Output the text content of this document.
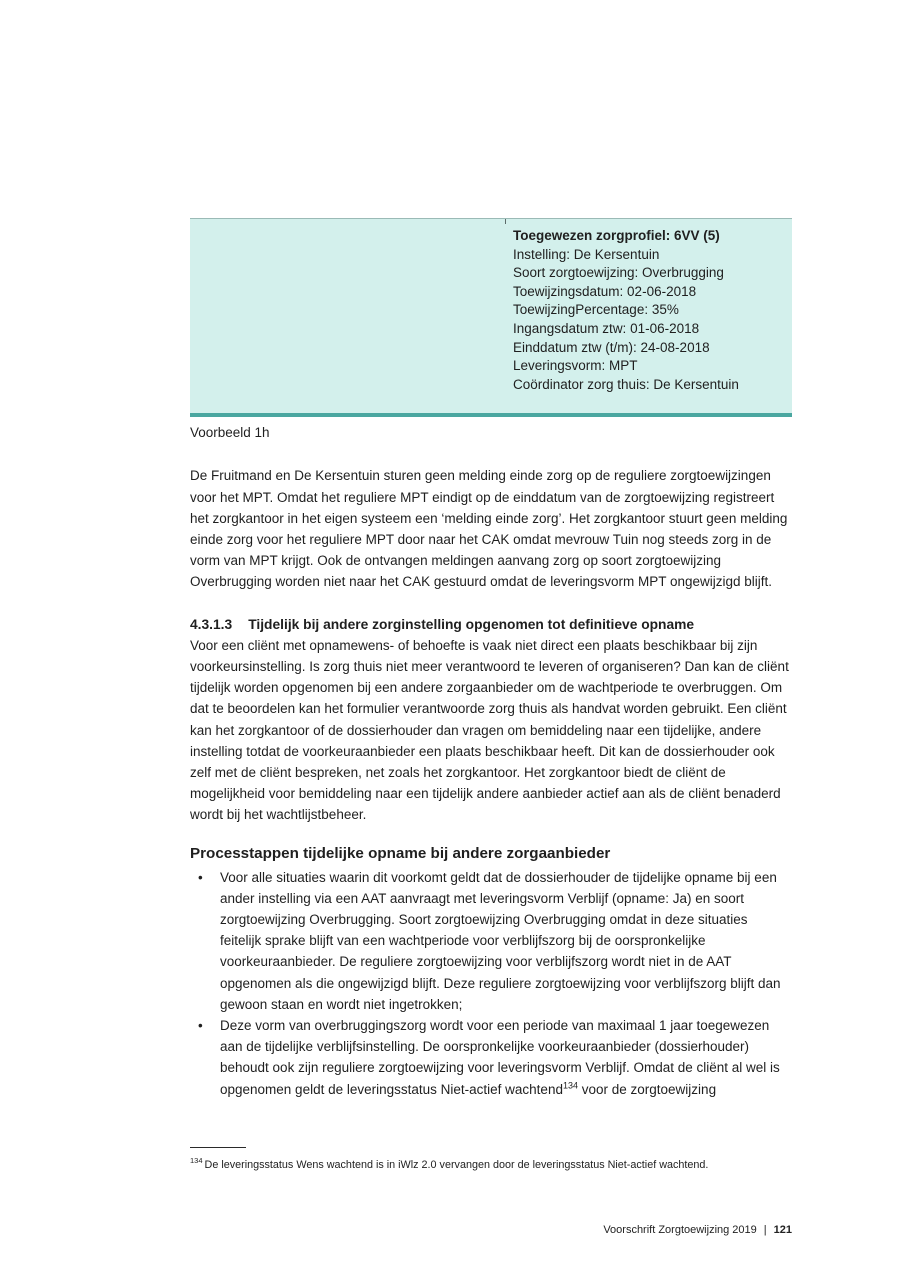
Toegewezen zorgprofiel: 6VV (5)
Instelling: De Kersentuin
Soort zorgtoewijzing: Overbrugging
Toewijzingsdatum: 02-06-2018
ToewijzingPercentage: 35%
Ingangsdatum ztw: 01-06-2018
Einddatum ztw (t/m): 24-08-2018
Leveringsvorm: MPT
Coördinator zorg thuis: De Kersentuin
Voorbeeld 1h

De Fruitmand en De Kersentuin sturen geen melding einde zorg op de reguliere zorgtoewijzingen voor het MPT. Omdat het reguliere MPT eindigt op de einddatum van de zorgtoewijzing registreert het zorgkantoor in het eigen systeem een ‘melding einde zorg’. Het zorgkantoor stuurt geen melding einde zorg voor het reguliere MPT door naar het CAK omdat mevrouw Tuin nog steeds zorg in de vorm van MPT krijgt. Ook de ontvangen meldingen aanvang zorg op soort zorgtoewijzing Overbrugging worden niet naar het CAK gestuurd omdat de leveringsvorm MPT ongewijzigd blijft.

4.3.1.3 Tijdelijk bij andere zorginstelling opgenomen tot definitieve opname

Voor een cliënt met opnamewens- of behoefte is vaak niet direct een plaats beschikbaar bij zijn voorkeursinstelling. Is zorg thuis niet meer verantwoord te leveren of organiseren? Dan kan de cliënt tijdelijk worden opgenomen bij een andere zorgaanbieder om de wachtperiode te overbruggen. Om dat te beoordelen kan het formulier verantwoorde zorg thuis als handvat worden gebruikt. Een cliënt kan het zorgkantoor of de dossierhouder dan vragen om bemiddeling naar een tijdelijke, andere instelling totdat de voorkeuraanbieder een plaats beschikbaar heeft. Dit kan de dossierhouder ook zelf met de cliënt bespreken, net zoals het zorgkantoor. Het zorgkantoor biedt de cliënt de mogelijkheid voor bemiddeling naar een tijdelijk andere aanbieder actief aan als de cliënt benaderd wordt bij het wachtlijstbeheer.

Processtappen tijdelijke opname bij andere zorgaanbieder
• Voor alle situaties waarin dit voorkomt geldt dat de dossierhouder de tijdelijke opname bij een ander instelling via een AAT aanvraagt met leveringsvorm Verblijf (opname: Ja) en soort zorgtoewijzing Overbrugging. Soort zorgtoewijzing Overbrugging omdat in deze situaties feitelijk sprake blijft van een wachtperiode voor verblijfszorg bij de oorspronkelijke voorkeuraanbieder. De reguliere zorgtoewijzing voor verblijfszorg wordt niet in de AAT opgenomen als die ongewijzigd blijft. Deze reguliere zorgtoewijzing voor verblijfszorg blijft dan gewoon staan en wordt niet ingetrokken;
• Deze vorm van overbruggingszorg wordt voor een periode van maximaal 1 jaar toegewezen aan de tijdelijke verblijfsinstelling. De oorspronkelijke voorkeuraanbieder (dossierhouder) behoudt ook zijn reguliere zorgtoewijzing voor leveringsvorm Verblijf. Omdat de cliënt al wel is opgenomen geldt de leveringsstatus Niet-actief wachtend$^{134}$ voor de zorgtoewijzing
$^{134}$ De leveringsstatus Wens wachtend is in iWlz 2.0 vervangen door de leveringsstatus Niet-actief wachtend.
Voorschrift Zorgtoewijzing 2019 | 121
